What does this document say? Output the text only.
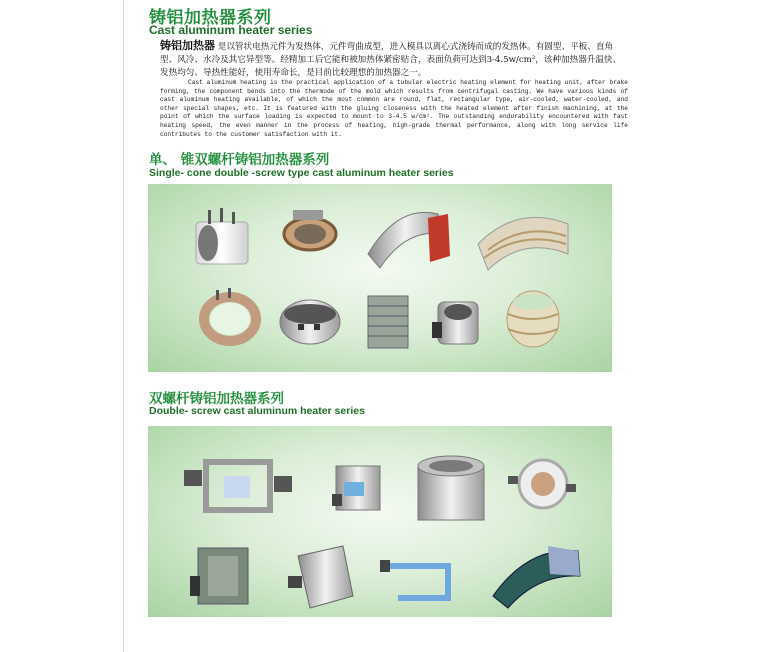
铸铝加热器系列
Cast aluminum heater series
铸铝加热器 是以管状电热元件为发热体，元件弯曲成型，进入模具以离心式浇铸而成的发热体。有圆型、平板、直角型、风冷、水冷及其它异型等。经精加工后它能和被加热体紧密贴合，表面负荷可达到3-4.5w/cm²，该种加热器升温快、发热均匀、导热性能好，使用寿命长，是目前比较理想的加热器之一。
Cast aluminum heating is the practical application of a tubular electric heating element for heating unit, after brake forming, the component bends into the thermode of the mold which results from centrifugal casting. We have various kinds of cast aluminum heating available, of which the most common are round, flat, rectangular type, air-cooled, water-cooled, and other special shapes, etc. It is featured with the gluing closeness with the heated element after finish machining, at the point of which the surface loading is expected to mount to 3-4.5 w/cm². The outstanding endurability encountered with fast heating speed, the even manner in the process of heating, high-grade thermal performance, along with long service life contributes to the customer satisfaction with it.
单、 锥双螺杆铸铝加热器系列
Single- cone double -screw type cast aluminum heater series
双螺杆铸铝加热器系列
Double- screw cast aluminum heater series
